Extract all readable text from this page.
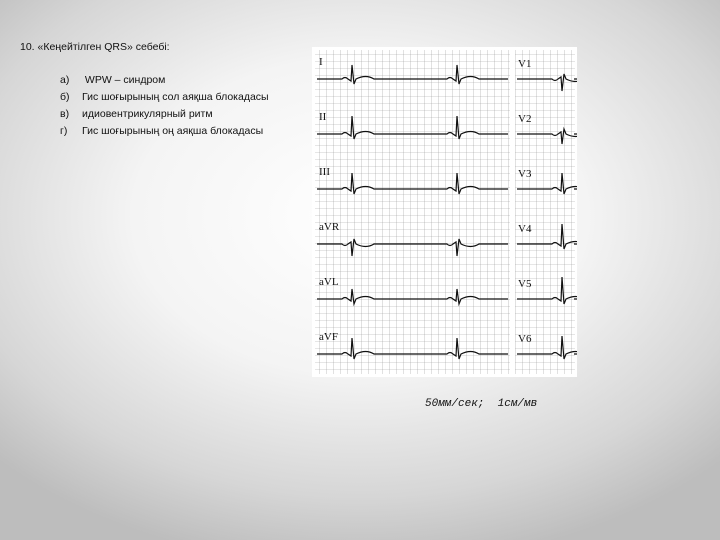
10. «Кеңейтілген QRS» себебі:
а)	WPW – синдром
б)	Гис шоғырының сол аяқша блокадасы
в)	идиовентрикулярный ритм
г)	Гис шоғырының оң аяқша блокадасы
I
II
III
aVR
aVL
aVF
V1
V2
V3
V4
V5
V6
50мм/сек;  1см/мв
